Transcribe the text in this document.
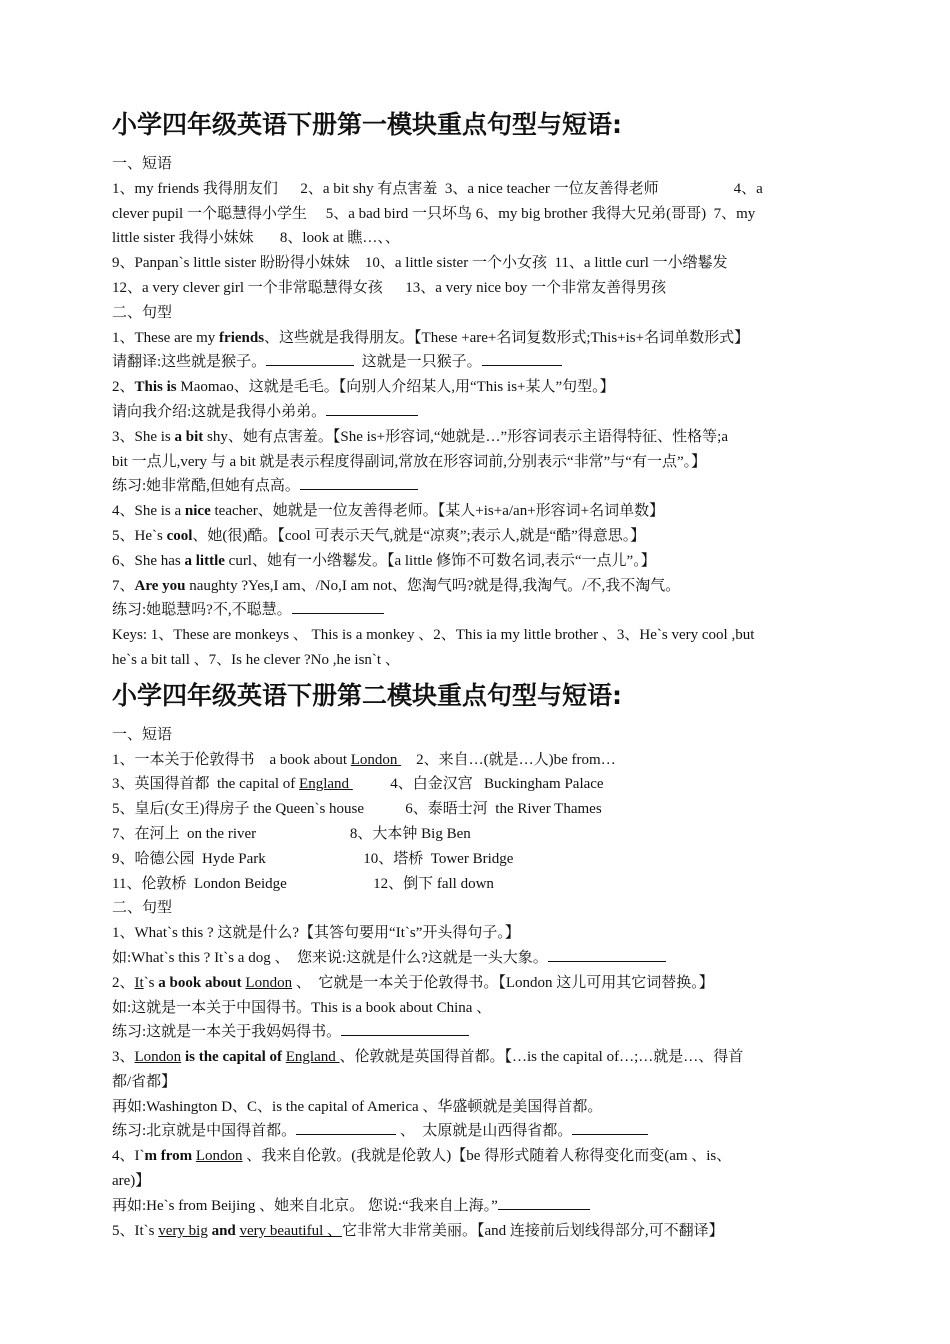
小学四年级英语下册第一模块重点句型与短语:
一、短语
1、my friends 我得朋友们      2、a bit shy 有点害羞  3、a nice teacher 一位友善得老师                    4、a
clever pupil 一个聪慧得小学生     5、a bad bird 一只坏鸟 6、my big brother 我得大兄弟(哥哥)  7、my
little sister 我得小妹妹       8、look at 瞧…、、
9、Panpan`s little sister 盼盼得小妹妹    10、a little sister 一个小女孩  11、a little curl 一小绺鬈发
12、a very clever girl 一个非常聪慧得女孩      13、a very nice boy 一个非常友善得男孩
二、句型
1、These are my friends、这些就是我得朋友。【These +are+名词复数形式;This+is+名词单数形式】
请翻译:这些就是猴子。	这就是一只猴子。
2、This is Maomao、这就是毛毛。【向别人介绍某人,用“This is+某人”句型。】
请向我介绍:这就是我得小弟弟。
3、She is a bit shy、她有点害羞。【She is+形容词,“她就是…”形容词表示主语得特征、性格等;a
bit 一点儿,very 与 a bit 就是表示程度得副词,常放在形容词前,分别表示“非常”与“有一点”。】
练习:她非常酷,但她有点高。
4、She is a nice teacher、她就是一位友善得老师。【某人+is+a/an+形容词+名词单数】
5、He`s cool、她(很)酷。【cool 可表示天气,就是“凉爽”;表示人,就是“酷”得意思。】
6、She has a little curl、她有一小绺鬈发。【a little 修饰不可数名词,表示“一点儿”。】
7、Are you naughty ?Yes,I am、/No,I am not、您淘气吗?就是得,我淘气。/不,我不淘气。
练习:她聪慧吗?不,不聪慧。
Keys: 1、These are monkeys 、 This is a monkey 、2、This ia my little brother 、3、He`s very cool ,but
he`s a bit tall 、7、Is he clever ?No ,he isn`t 、
小学四年级英语下册第二模块重点句型与短语:
一、短语
1、一本关于伦敦得书    a book about London     2、来自…(就是…人)be from…
3、英国得首都  the capital of England           4、白金汉宫   Buckingham Palace
5、皇后(女王)得房子 the Queen`s house           6、泰晤士河  the River Thames
7、在河上  on the river                         8、大本钟 Big Ben
9、哈德公园  Hyde Park                          10、塔桥  Tower Bridge
11、伦敦桥  London Beidge                       12、倒下 fall down
二、句型
1、What`s this ? 这就是什么?【其答句要用“It`s”开头得句子。】
如:What`s this ? It`s a dog 、  您来说:这就是什么?这就是一头大象。
2、It`s a book about London 、  它就是一本关于伦敦得书。【London 这儿可用其它词替换。】
如:这就是一本关于中国得书。This is a book about China 、
练习:这就是一本关于我妈妈得书。
3、London is the capital of England 、伦敦就是英国得首都。【…is the capital of…;…就是…、得首
都/省都】
再如:Washington D、C、is the capital of America 、华盛顿就是美国得首都。
练习:北京就是中国得首都。	、  太原就是山西得省都。
4、I`m from London 、我来自伦敦。(我就是伦敦人)【be 得形式随着人称得变化而变(am 、is、
are)】
再如:He`s from Beijing 、她来自北京。 您说:“我来自上海。”
5、It`s very big and very beautiful 、它非常大非常美丽。【and 连接前后划线得部分,可不翻译】
